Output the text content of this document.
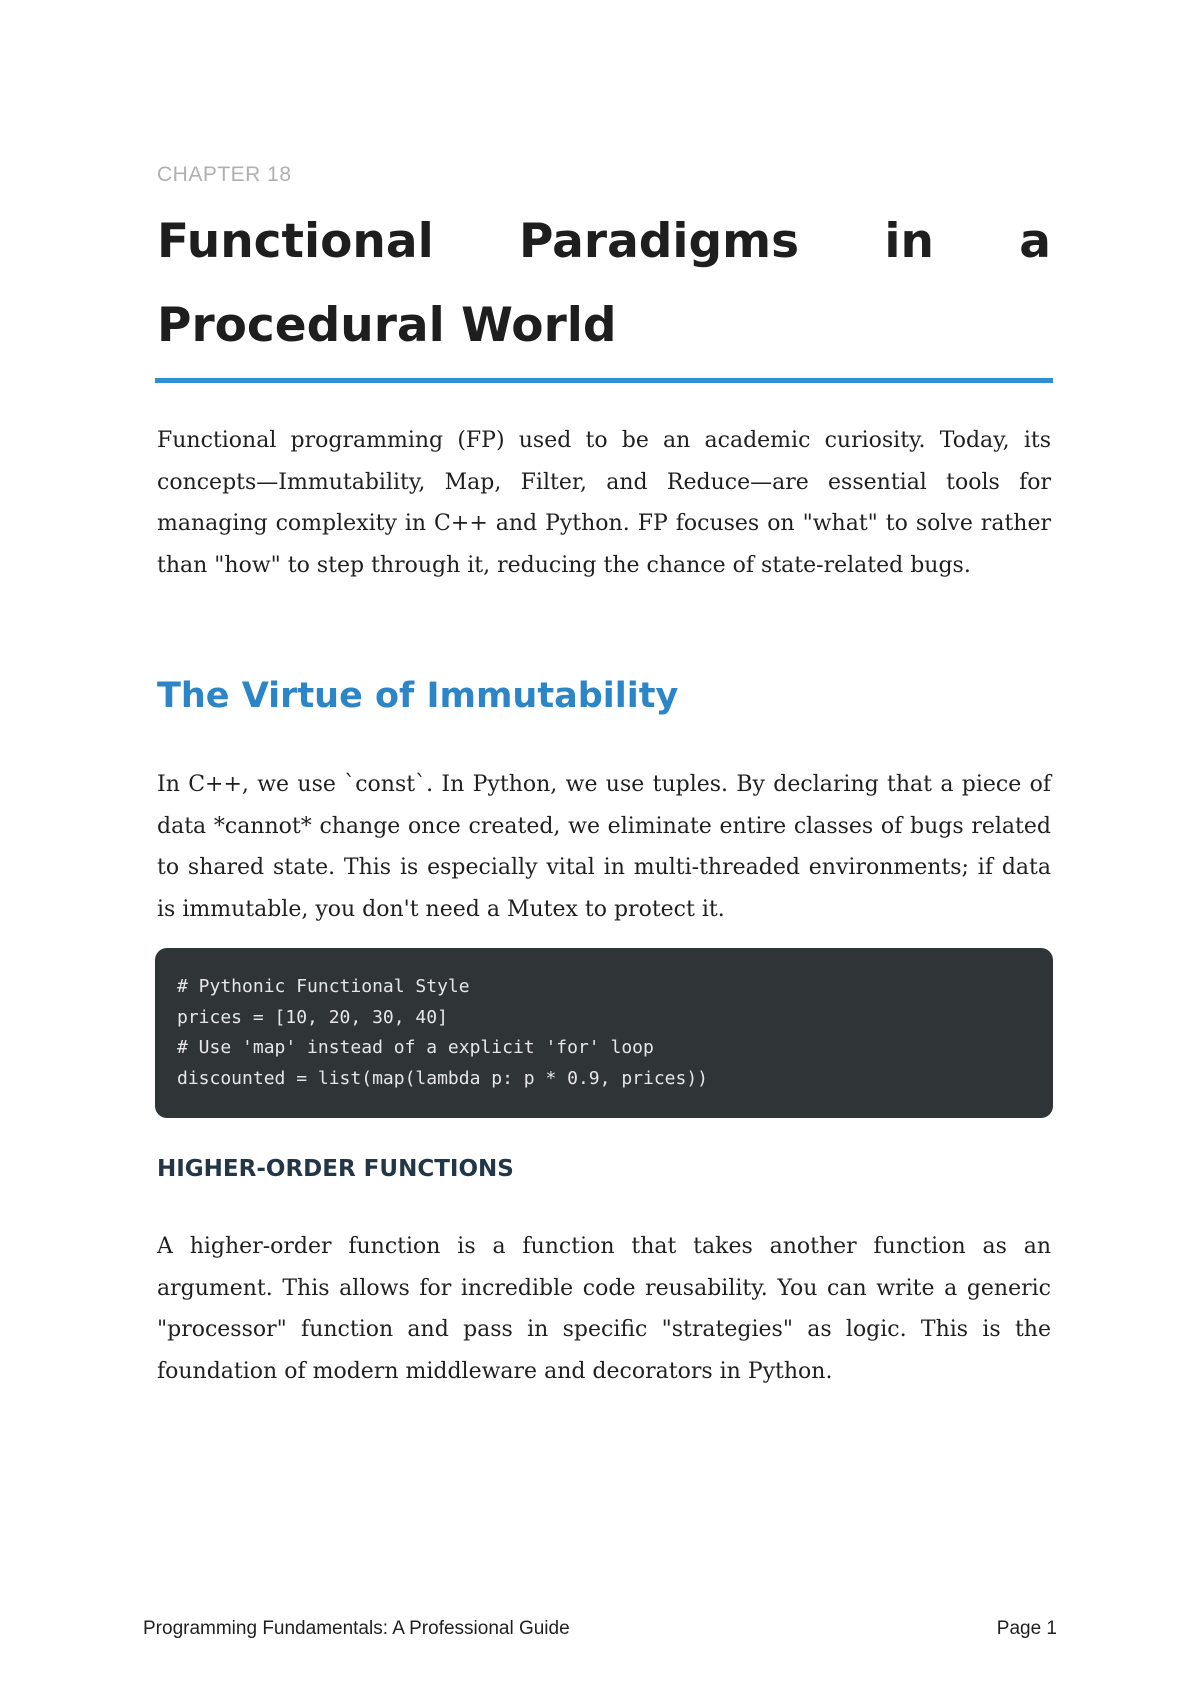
CHAPTER 18
Functional Paradigms in a Procedural World

Functional programming (FP) used to be an academic curiosity. Today, its concepts—Immutability, Map, Filter, and Reduce—are essential tools for managing complexity in C++ and Python. FP focuses on "what" to solve rather than "how" to step through it, reducing the chance of state-related bugs.

The Virtue of Immutability

In C++, we use `const`. In Python, we use tuples. By declaring that a piece of data *cannot* change once created, we eliminate entire classes of bugs related to shared state. This is especially vital in multi-threaded environments; if data is immutable, you don't need a Mutex to protect it.

# Pythonic Functional Style
prices = [10, 20, 30, 40]
# Use 'map' instead of a explicit 'for' loop
discounted = list(map(lambda p: p * 0.9, prices))
HIGHER-ORDER FUNCTIONS

A higher-order function is a function that takes another function as an argument. This allows for incredible code reusability. You can write a generic "processor" function and pass in specific "strategies" as logic. This is the foundation of modern middleware and decorators in Python.

Programming Fundamentals: A Professional Guide	Page 1
